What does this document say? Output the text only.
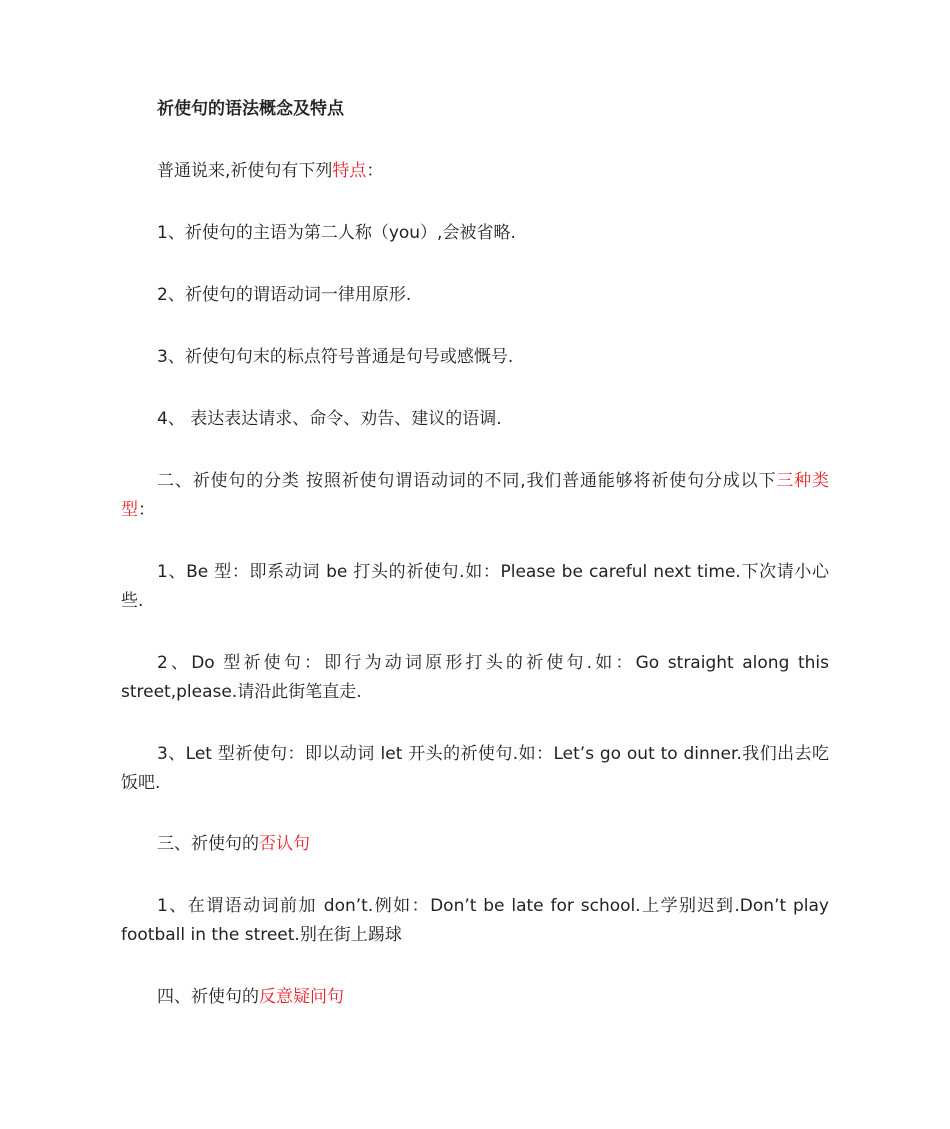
祈使句的语法概念及特点

普通说来,祈使句有下列特点：

1、祈使句的主语为第二人称（you）,会被省略.

2、祈使句的谓语动词一律用原形.

3、祈使句句末的标点符号普通是句号或感慨号.

4、 表达表达请求、命令、劝告、建议的语调.

二、祈使句的分类 按照祈使句谓语动词的不同,我们普通能够将祈使句分成以下三种类型：

1、Be 型：即系动词 be 打头的祈使句.如：Please be careful next time.下次请小心些.

2、Do 型祈使句：即行为动词原形打头的祈使句.如：Go straight along this street,please.请沿此街笔直走.

3、Let 型祈使句：即以动词 let 开头的祈使句.如：Let’s go out to dinner.我们出去吃饭吧.

三、祈使句的否认句

1、在谓语动词前加 don’t.例如：Don’t be late for school.上学别迟到.Don’t play football in the street.别在街上踢球

四、祈使句的反意疑问句
